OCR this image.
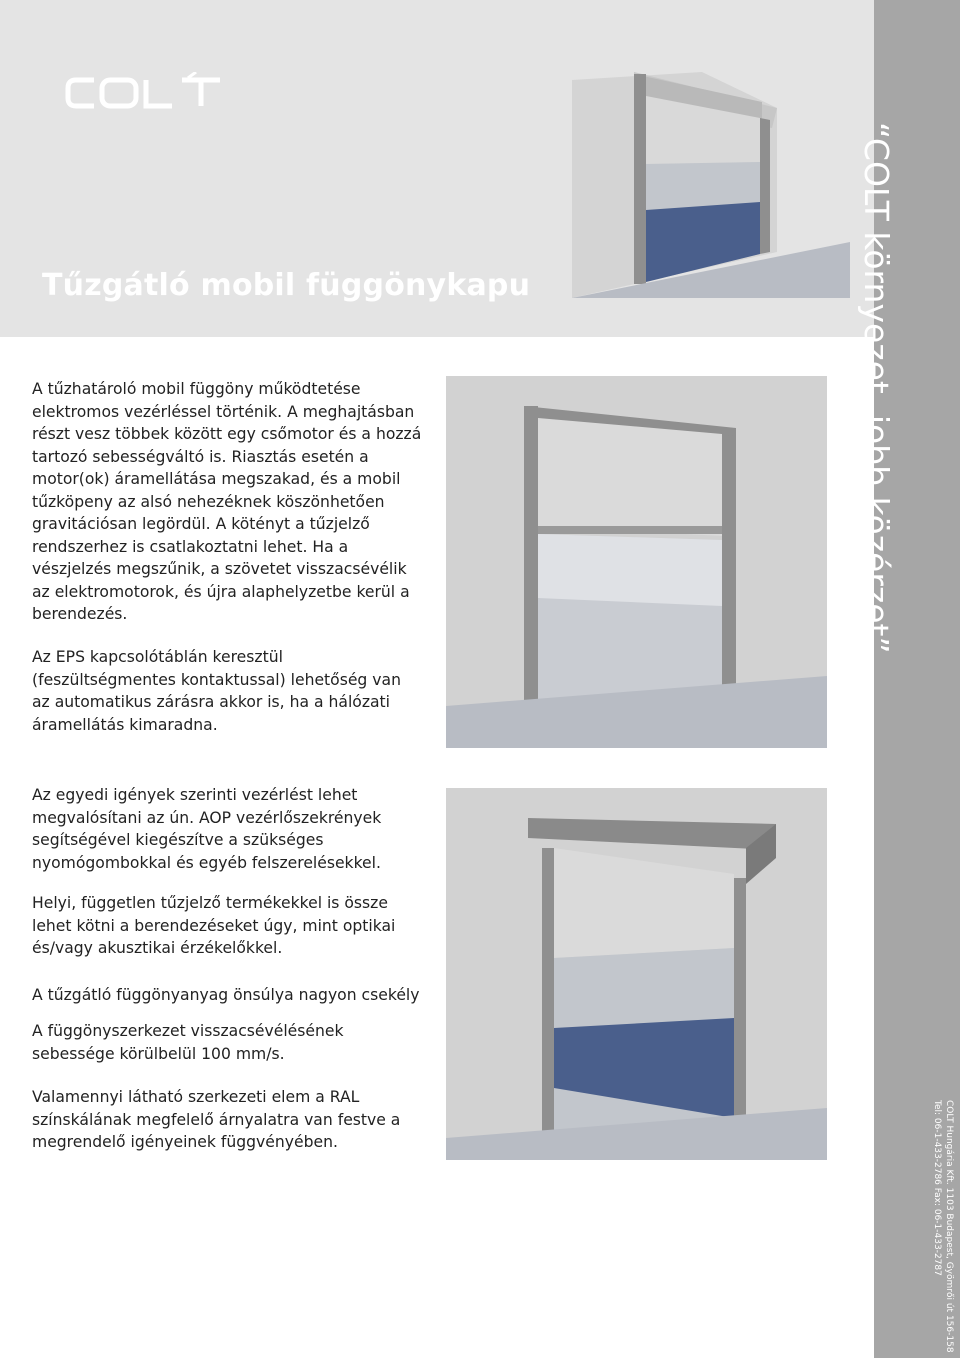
Tűzgátló mobil függönykapu	“COLT környezet, jobb közérzet”
COLT Hungária Kft. 1103 Budapest, Gyömrői út 156-158
Tel: 06-1-433-2786 Fax: 06-1-433-2787

A tűzhatároló mobil függöny működtetése elektromos vezérléssel történik. A meghajtásban részt vesz többek között egy csőmotor és a hozzá tartozó sebességváltó is. Riasztás esetén a motor(ok) áramellátása megszakad, és a mobil tűzköpeny az alsó nehezéknek köszönhetően gravitációsan legördül. A kötényt a tűzjelző rendszerhez is csatlakoztatni lehet. Ha a vészjelzés megszűnik, a szövetet visszacsévélik az elektromotorok, és újra alaphelyzetbe kerül a berendezés.

Az EPS kapcsolótáblán keresztül (feszültségmentes kontaktussal) lehetőség van az automatikus zárásra akkor is, ha a hálózati áramellátás kimaradna.

Az egyedi igények szerinti vezérlést lehet megvalósítani az ún. AOP vezérlőszekrények segítségével kiegészítve a szükséges nyomógombokkal és egyéb felszerelésekkel.

Helyi, független tűzjelző termékekkel is össze lehet kötni a berendezéseket úgy, mint optikai és/vagy akusztikai érzékelőkkel.

A tűzgátló függönyanyag önsúlya nagyon csekély

A függönyszerkezet visszacsévélésének sebessége körülbelül 100 mm/s.

Valamennyi látható szerkezeti elem a RAL színskálának megfelelő árnyalatra van festve a megrendelő igényeinek függvényében.
